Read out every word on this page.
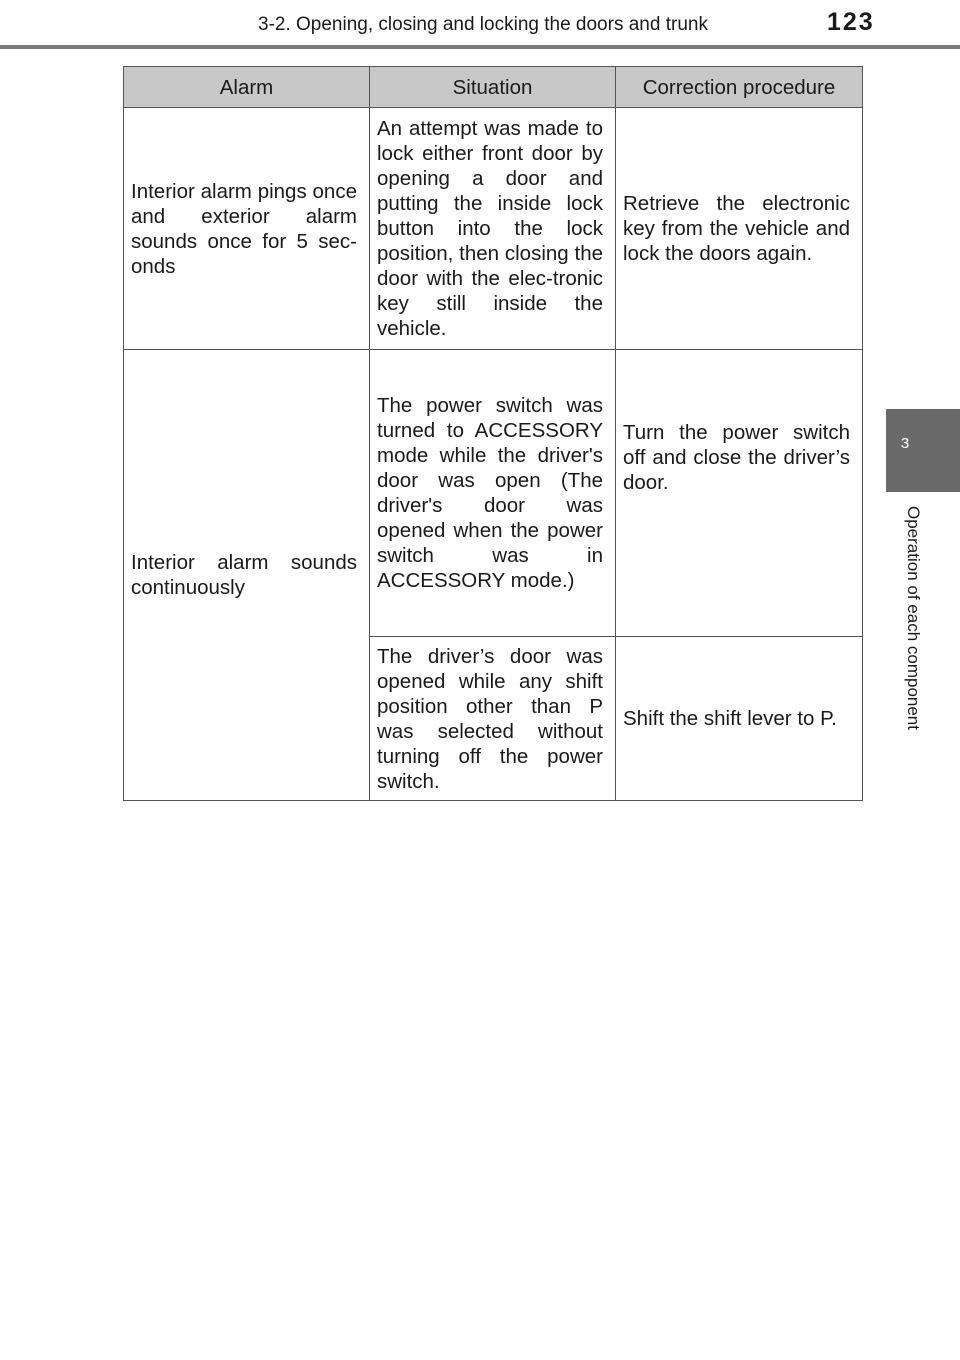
3-2. Opening, closing and locking the doors and trunk	123
3
Operation of each component
Alarm	Situation	Correction procedure
Interior alarm pings once and exterior alarm sounds once for 5 sec-onds	An attempt was made to lock either front door by opening a door and putting the inside lock button into the lock position, then closing the door with the elec-tronic key still inside the vehicle.	Retrieve the electronic key from the vehicle and lock the doors again.
Interior alarm sounds continuously	The power switch was turned to ACCESSORY mode while the driver's door was open (The driver's door was opened when the power switch was in ACCESSORY mode.)	Turn the power switch off and close the driver’s door.
	The driver’s door was opened while any shift position other than P was selected without turning off the power switch.	Shift the shift lever to P.
